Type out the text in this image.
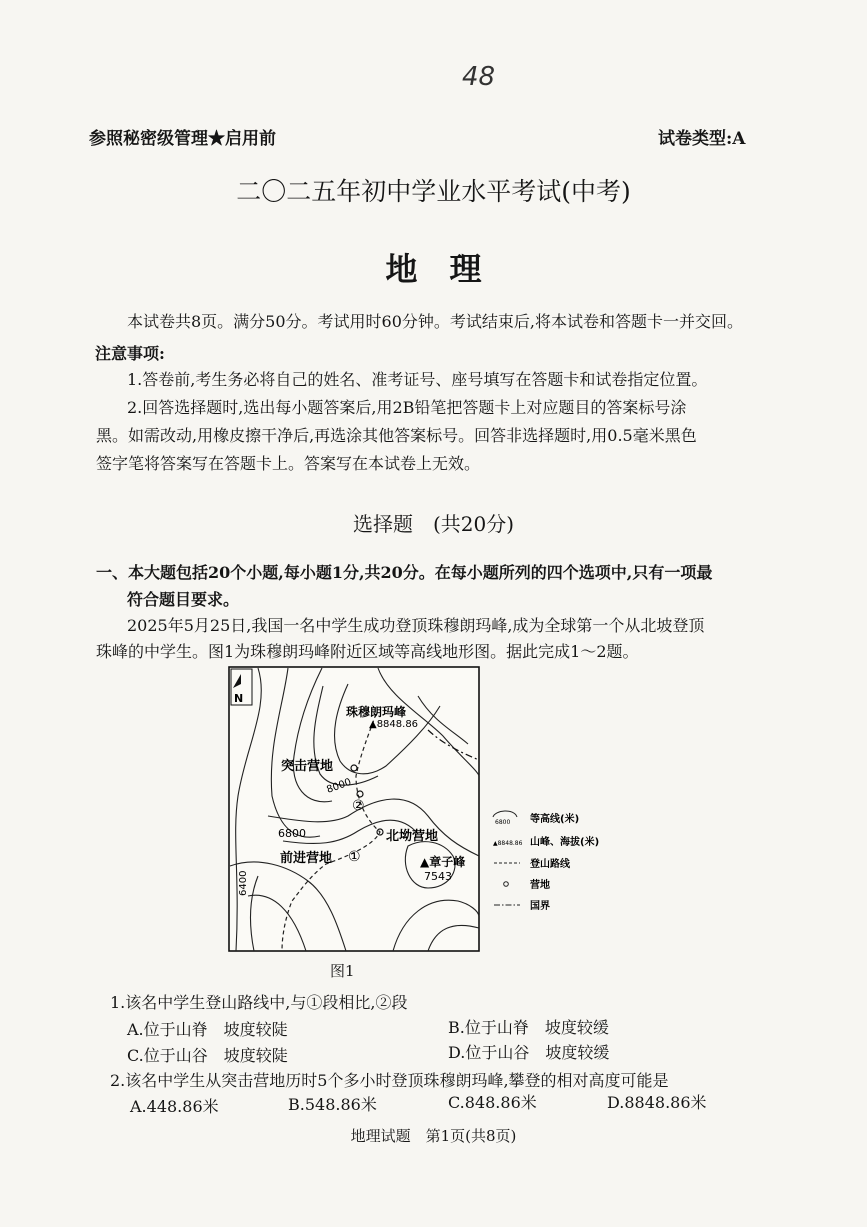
48
参照秘密级管理★启用前	试卷类型:A
二〇二五年初中学业水平考试(中考)
地　理
本试卷共8页。满分50分。考试用时60分钟。考试结束后,将本试卷和答题卡一并交回。
注意事项:
1.答卷前,考生务必将自己的姓名、准考证号、座号填写在答题卡和试卷指定位置。
2.回答选择题时,选出每小题答案后,用2B铅笔把答题卡上对应题目的答案标号涂
黑。如需改动,用橡皮擦干净后,再选涂其他答案标号。回答非选择题时,用0.5毫米黑色
签字笔将答案写在答题卡上。答案写在本试卷上无效。
选择题　(共20分)
一、本大题包括20个小题,每小题1分,共20分。在每小题所列的四个选项中,只有一项最
符合题目要求。
2025年5月25日,我国一名中学生成功登顶珠穆朗玛峰,成为全球第一个从北坡登顶
珠峰的中学生。图1为珠穆朗玛峰附近区域等高线地形图。据此完成1～2题。
N
珠穆朗玛峰
▲8848.86
突击营地
8000
②
6800	北坳营地
前进营地 ①	▲章子峰
7543
6400
6800 等高线(米)
▲8848.86 山峰、海拔(米)
登山路线
营地
国界
图1
1.该名中学生登山路线中,与①段相比,②段
A.位于山脊　坡度较陡	B.位于山脊　坡度较缓
C.位于山谷　坡度较陡	D.位于山谷　坡度较缓
2.该名中学生从突击营地历时5个多小时登顶珠穆朗玛峰,攀登的相对高度可能是
A.448.86米	B.548.86米	C.848.86米	D.8848.86米
地理试题　第1页(共8页)
